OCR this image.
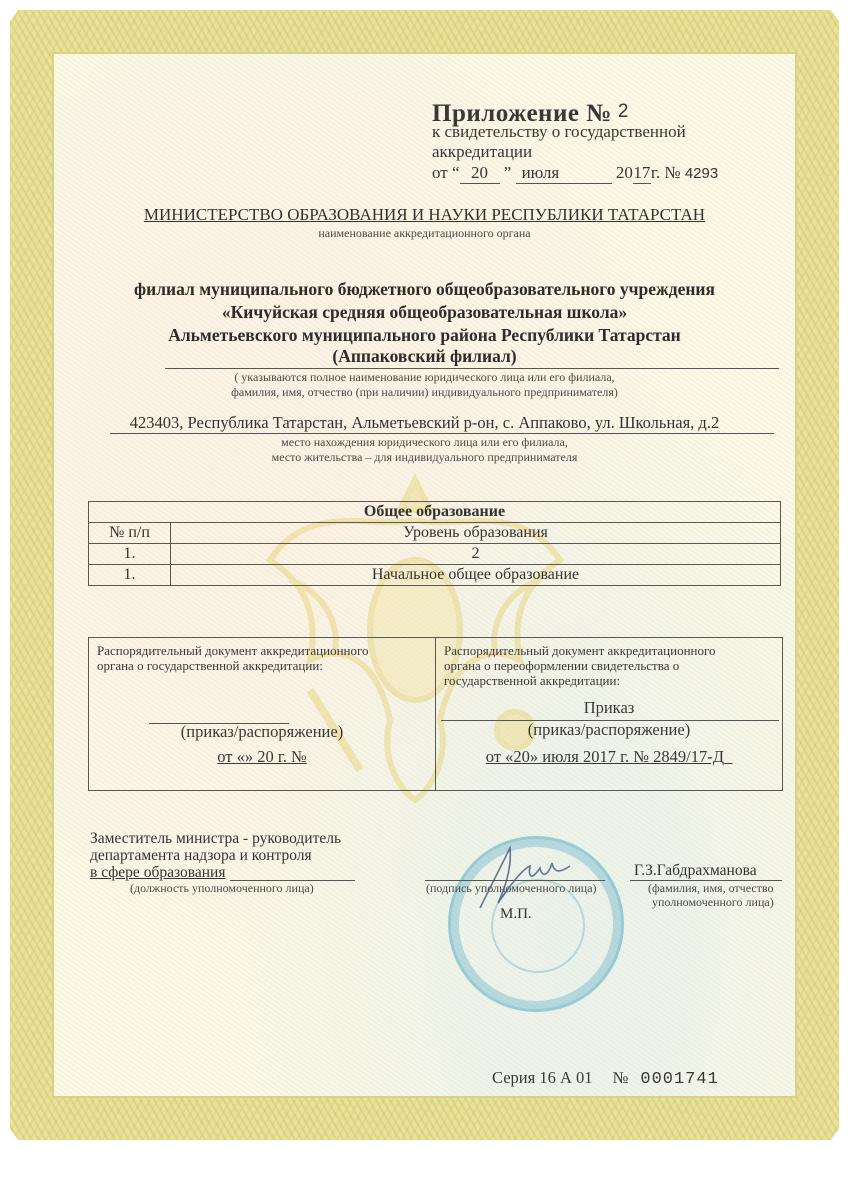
Приложение № 2
к свидетельству о государственной
аккредитации
от “ 20 ” июля	2017г. № 4293
МИНИСТЕРСТВО ОБРАЗОВАНИЯ И НАУКИ РЕСПУБЛИКИ ТАТАРСТАН
наименование аккредитационного органа
филиал муниципального бюджетного общеобразовательного учреждения
«Кичуйская средняя общеобразовательная школа»
Альметьевского муниципального района Республики Татарстан
(Аппаковский филиал)
( указываются полное наименование юридического лица или его филиала,
фамилия, имя, отчество (при наличии) индивидуального предпринимателя)
423403, Республика Татарстан, Альметьевский р-он, с. Аппаково, ул. Школьная, д.2
место нахождения юридического лица или его филиала,
место жительства – для индивидуального предпринимателя
Общее образование	
№ п/п	Уровень образования
1.	2
1.	Начальное общее образование
Распорядительный документ аккредитационного органа о государственной аккредитации:
(приказ/распоряжение)
от «» 20 г. №
Распорядительный документ аккредитационного органа о переоформлении свидетельства о государственной аккредитации:
Приказ
(приказ/распоряжение)
от «20» июля 2017 г. № 2849/17-Д_
Заместитель министра - руководитель
департамента надзора и контроля
в сфере образования
(должность уполномоченного лица)	(подпись уполномоченного лица)
М.П.
Г.З.Габдрахманова
(фамилия, имя, отчество
уполномоченного лица)
Серия 16 А 01 № 0001741
